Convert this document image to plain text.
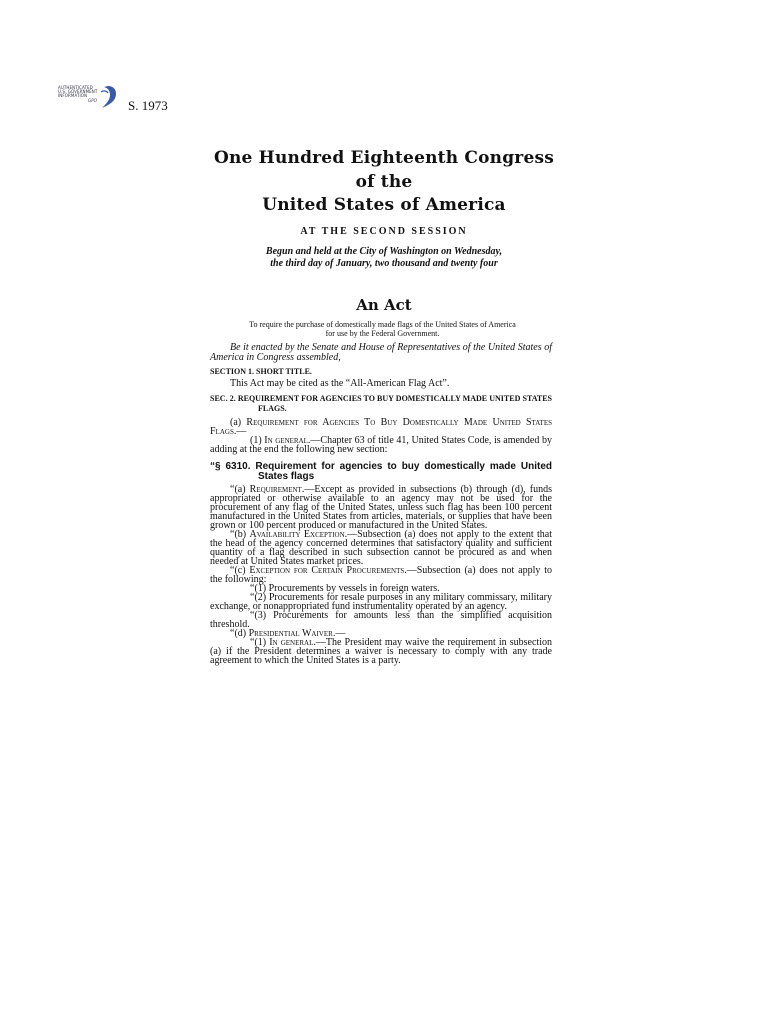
AUTHENTICATED
U.S. GOVERNMENT
INFORMATION
GPO S. 1973
One Hundred Eighteenth Congress
of the
United States of America
AT THE SECOND SESSION
Begun and held at the City of Washington on Wednesday,
the third day of January, two thousand and twenty four
An Act
To require the purchase of domestically made flags of the United States of America
for use by the Federal Government.
Be it enacted by the Senate and House of Representatives of the United States of America in Congress assembled,

SECTION 1. SHORT TITLE.

This Act may be cited as the “All-American Flag Act”.

SEC. 2. REQUIREMENT FOR AGENCIES TO BUY DOMESTICALLY MADE UNITED STATES FLAGS.

(a) Requirement for Agencies To Buy Domestically Made United States Flags.—

(1) In general.—Chapter 63 of title 41, United States Code, is amended by adding at the end the following new section:

“§ 6310. Requirement for agencies to buy domestically made United States flags

“(a) Requirement.—Except as provided in subsections (b) through (d), funds appropriated or otherwise available to an agency may not be used for the procurement of any flag of the United States, unless such flag has been 100 percent manufactured in the United States from articles, materials, or supplies that have been grown or 100 percent produced or manufactured in the United States.

“(b) Availability Exception.—Subsection (a) does not apply to the extent that the head of the agency concerned determines that satisfactory quality and sufficient quantity of a flag described in such subsection cannot be procured as and when needed at United States market prices.

“(c) Exception for Certain Procurements.—Subsection (a) does not apply to the following:

“(1) Procurements by vessels in foreign waters.

“(2) Procurements for resale purposes in any military commissary, military exchange, or nonappropriated fund instrumentality operated by an agency.

“(3) Procurements for amounts less than the simplified acquisition threshold.

“(d) Presidential Waiver.—

“(1) In general.—The President may waive the requirement in subsection (a) if the President determines a waiver is necessary to comply with any trade agreement to which the United States is a party.
